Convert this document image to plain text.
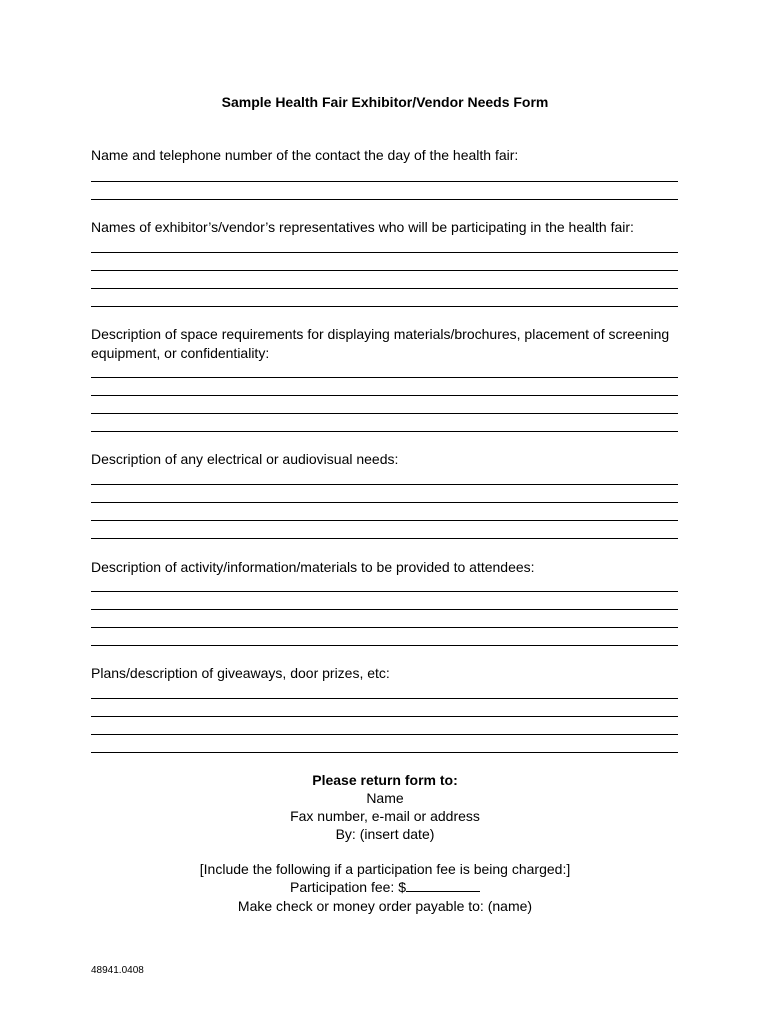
Sample Health Fair Exhibitor/Vendor Needs Form
Name and telephone number of the contact the day of the health fair:
Names of exhibitor’s/vendor’s representatives who will be participating in the health fair:
Description of space requirements for displaying materials/brochures, placement of screening equipment, or confidentiality:
Description of any electrical or audiovisual needs:
Description of activity/information/materials to be provided to attendees:
Plans/description of giveaways, door prizes, etc:
Please return form to:
Name
Fax number, e-mail or address
By: (insert date)
[Include the following if a participation fee is being charged:]
Participation fee: $
Make check or money order payable to: (name)
48941.0408
